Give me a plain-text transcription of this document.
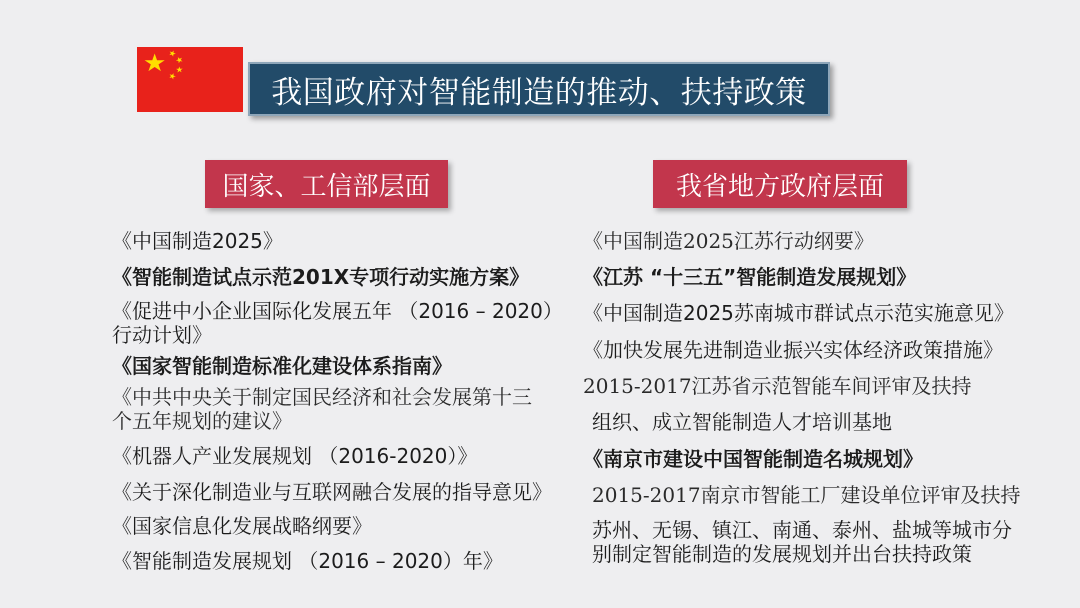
我国政府对智能制造的推动、扶持政策
国家、工信部层面	我省地方政府层面
《中国制造2025》
《智能制造试点示范201X专项行动实施方案》
《促进中小企业国际化发展五年 （2016 – 2020）
行动计划》
《国家智能制造标准化建设体系指南》
《中共中央关于制定国民经济和社会发展第十三
个五年规划的建议》
《机器人产业发展规划 （2016-2020）》
《关于深化制造业与互联网融合发展的指导意见》
《国家信息化发展战略纲要》
《智能制造发展规划 （2016 – 2020）年》
《中国制造2025江苏行动纲要》
《江苏 “十三五”智能制造发展规划》
《中国制造2025苏南城市群试点示范实施意见》
《加快发展先进制造业振兴实体经济政策措施》
2015-2017江苏省示范智能车间评审及扶持
组织、成立智能制造人才培训基地
《南京市建设中国智能制造名城规划》
2015-2017南京市智能工厂建设单位评审及扶持
苏州、无锡、镇江、南通、泰州、盐城等城市分
别制定智能制造的发展规划并出台扶持政策
